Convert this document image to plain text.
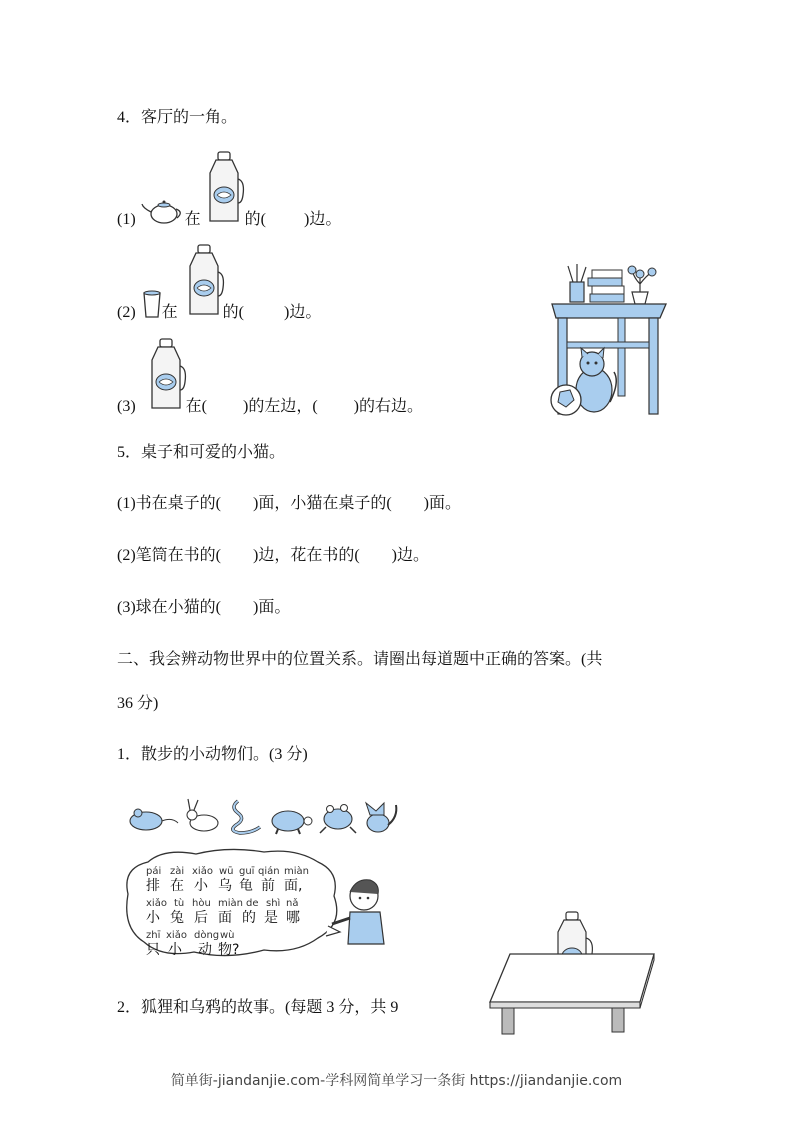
4．客厅的一角。
(1)	在	的( )边。
(2) 在	的(	)边。
(3)	在( )的左边，( )的右边。
5．桌子和可爱的小猫。
(1)书在桌子的(　　)面，小猫在桌子的(　　)面。
(2)笔筒在书的(　　)边，花在书的(　　)边。
(3)球在小猫的(　　)面。
二、我会辨动物世界中的位置关系。请圈出每道题中正确的答案。(共
36 分)
1．散步的小动物们。(3 分)
pái zài xiǎo wū guī qián miàn
排 在 小 乌 龟 前 面,
xiǎo tù hòu miàn de shì nǎ
小 兔 后 面 的 是 哪
zhī xiǎo dòng wù
只 小 动 物?
2．狐狸和乌鸦的故事。(每题 3 分，共 9
简单街-jiandanjie.com-学科网简单学习一条街 https://jiandanjie.com
